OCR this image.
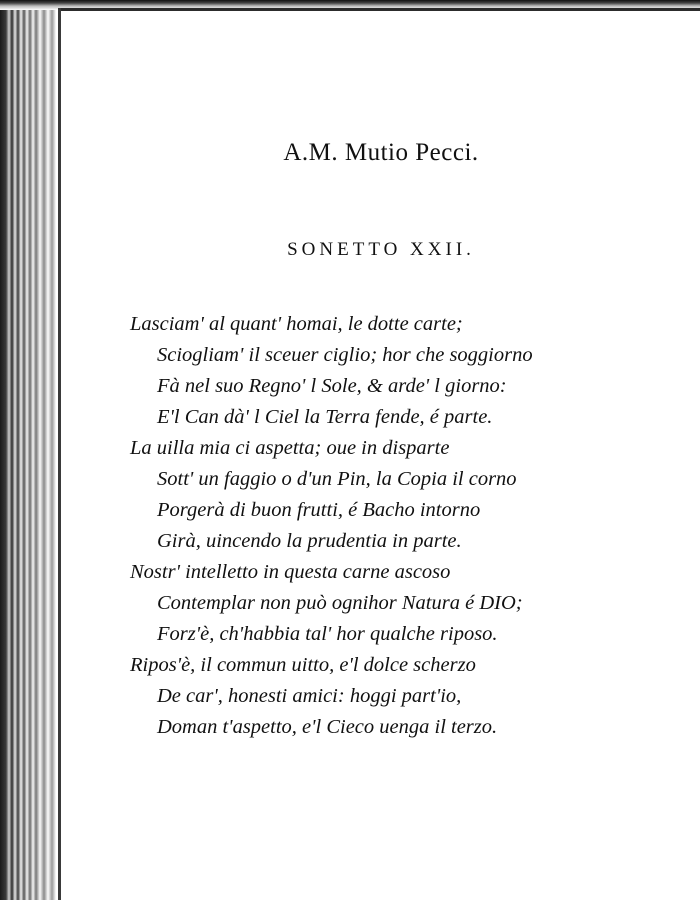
A.M. Mutio Pecci.
SONETTO XXII.
Lasciam' al quant' homai, le dotte carte;
Sciogliam' il sceuer ciglio; hor che soggiorno
Fà nel suo Regno' l Sole, & arde' l giorno:
E'l Can dà' l Ciel la Terra fende, é parte.
La uilla mia ci aspetta; oue in disparte
Sott' un faggio o d'un Pin, la Copia il corno
Porgerà di buon frutti, é Bacho intorno
Girà, uincendo la prudentia in parte.
Nostr' intelletto in questa carne ascoso
Contemplar non può ognihor Natura é DIO;
Forz'è, ch'habbia tal' hor qualche riposo.
Ripos'è, il commun uitto, e'l dolce scherzo
De car', honesti amici: hoggi part'io,
Doman t'aspetto, e'l Cieco uenga il terzo.
